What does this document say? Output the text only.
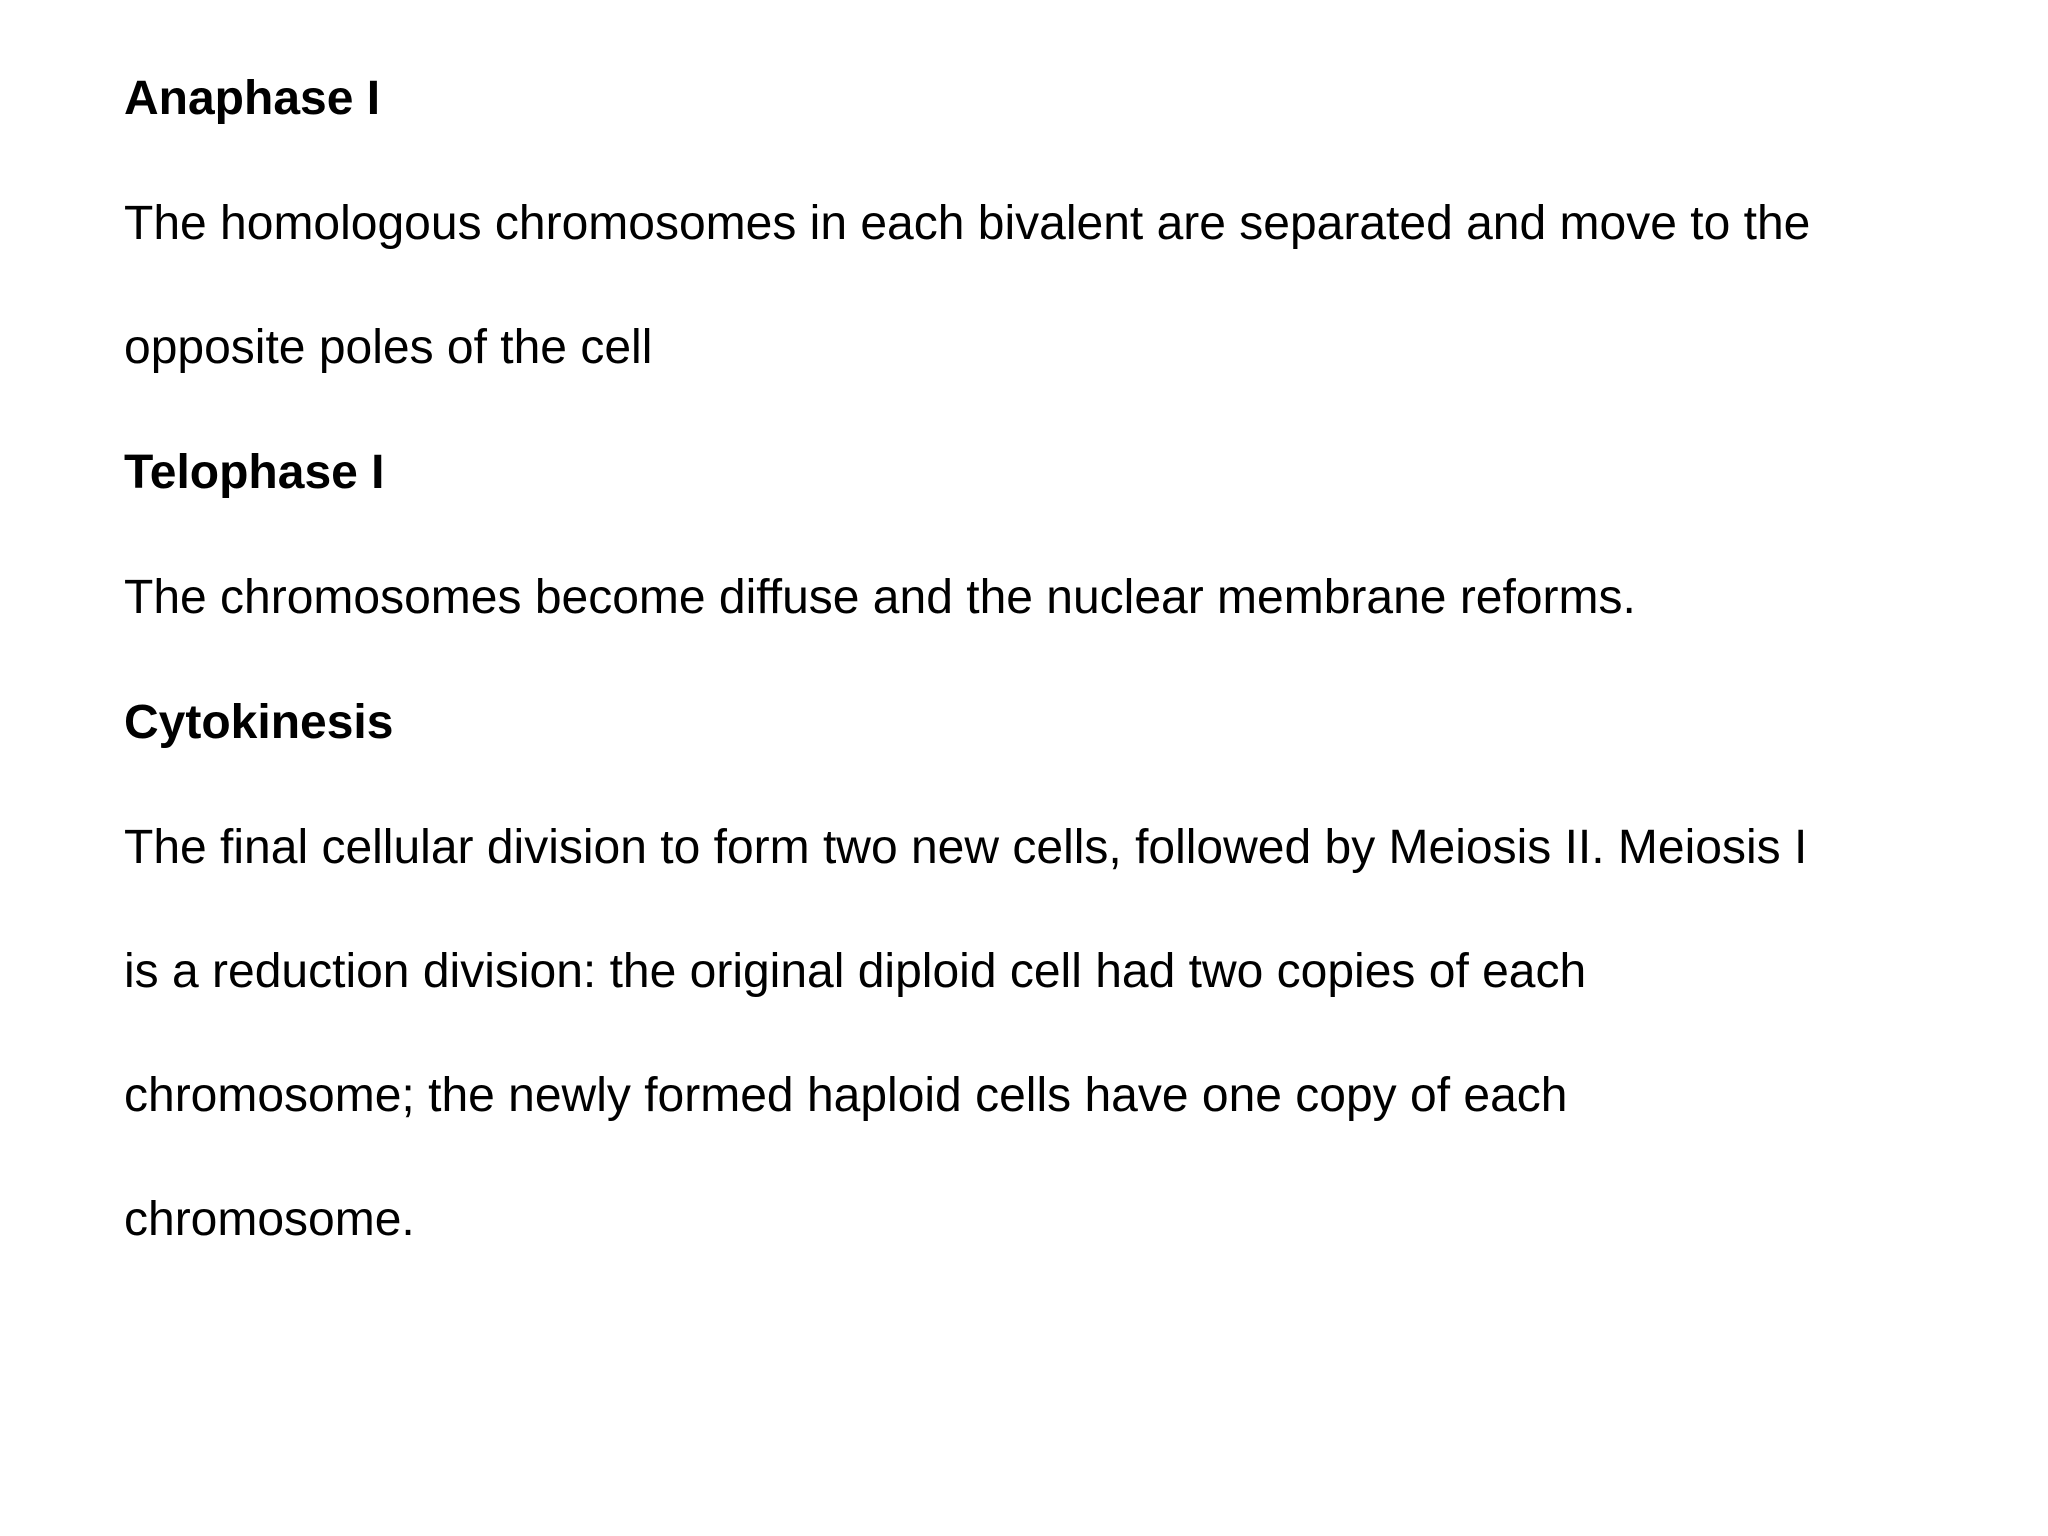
Anaphase I
The homologous chromosomes in each bivalent are separated and move to the
opposite poles of the cell
Telophase I
The chromosomes become diffuse and the nuclear membrane reforms.
Cytokinesis
The final cellular division to form two new cells, followed by Meiosis II. Meiosis I
is a reduction division: the original diploid cell had two copies of each
chromosome; the newly formed haploid cells have one copy of each
chromosome.
